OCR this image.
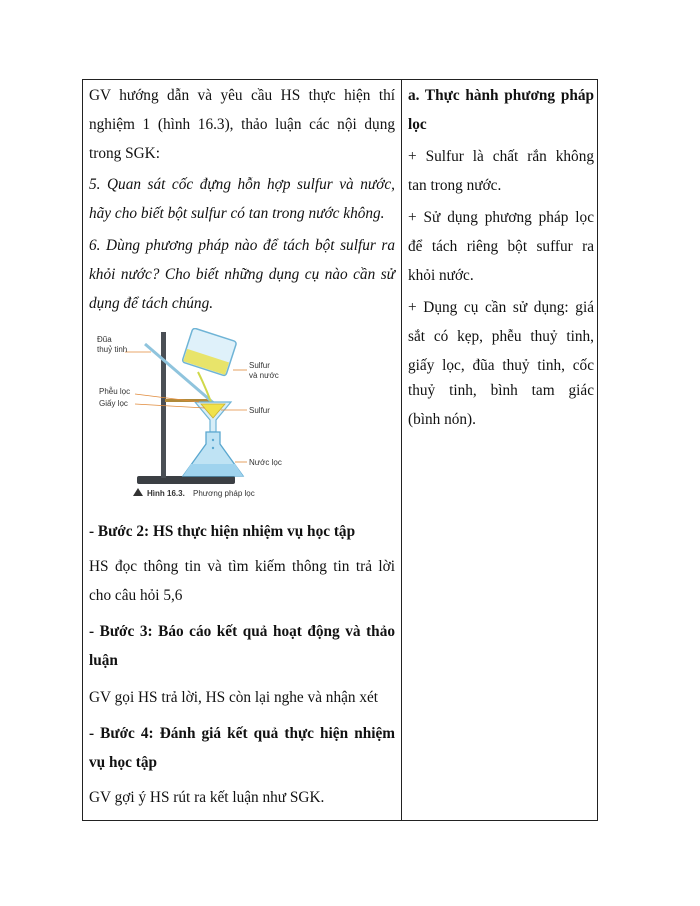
GV hướng dẫn và yêu cầu HS thực hiện thí
nghiệm 1 (hình 16.3), thảo luận các nội dụng
trong SGK:
5. Quan sát cốc đựng hỗn hợp sulfur và nước,
hãy cho biết bột sulfur có tan trong nước không.
6. Dùng phương pháp nào để tách bột sulfur ra
khỏi nước? Cho biết những dụng cụ nào cần sử
dụng để tách chúng.
Đũa
thuỷ tinh
Sulfur
và nước
Phễu lọc
Giấy lọc
Sulfur
Nước lọc
Hình 16.3. Phương pháp lọc
- Bước 2: HS thực hiện nhiệm vụ học tập
HS đọc thông tin và tìm kiếm thông tin trả lời
cho câu hỏi 5,6
- Bước 3: Báo cáo kết quả hoạt động và thảo
luận
GV gọi HS trả lời, HS còn lại nghe và nhận xét
- Bước 4: Đánh giá kết quả thực hiện nhiệm
vụ học tập
GV gợi ý HS rút ra kết luận như SGK.
a. Thực hành phương pháp
lọc
+ Sulfur là chất rắn không
tan trong nước.
+ Sử dụng phương pháp lọc
để tách riêng bột suffur ra
khỏi nước.
+ Dụng cụ cần sử dụng: giá
sắt có kẹp, phễu thuỷ tinh,
giấy lọc, đũa thuỷ tinh, cốc
thuỷ tinh, bình tam giác
(bình nón).
